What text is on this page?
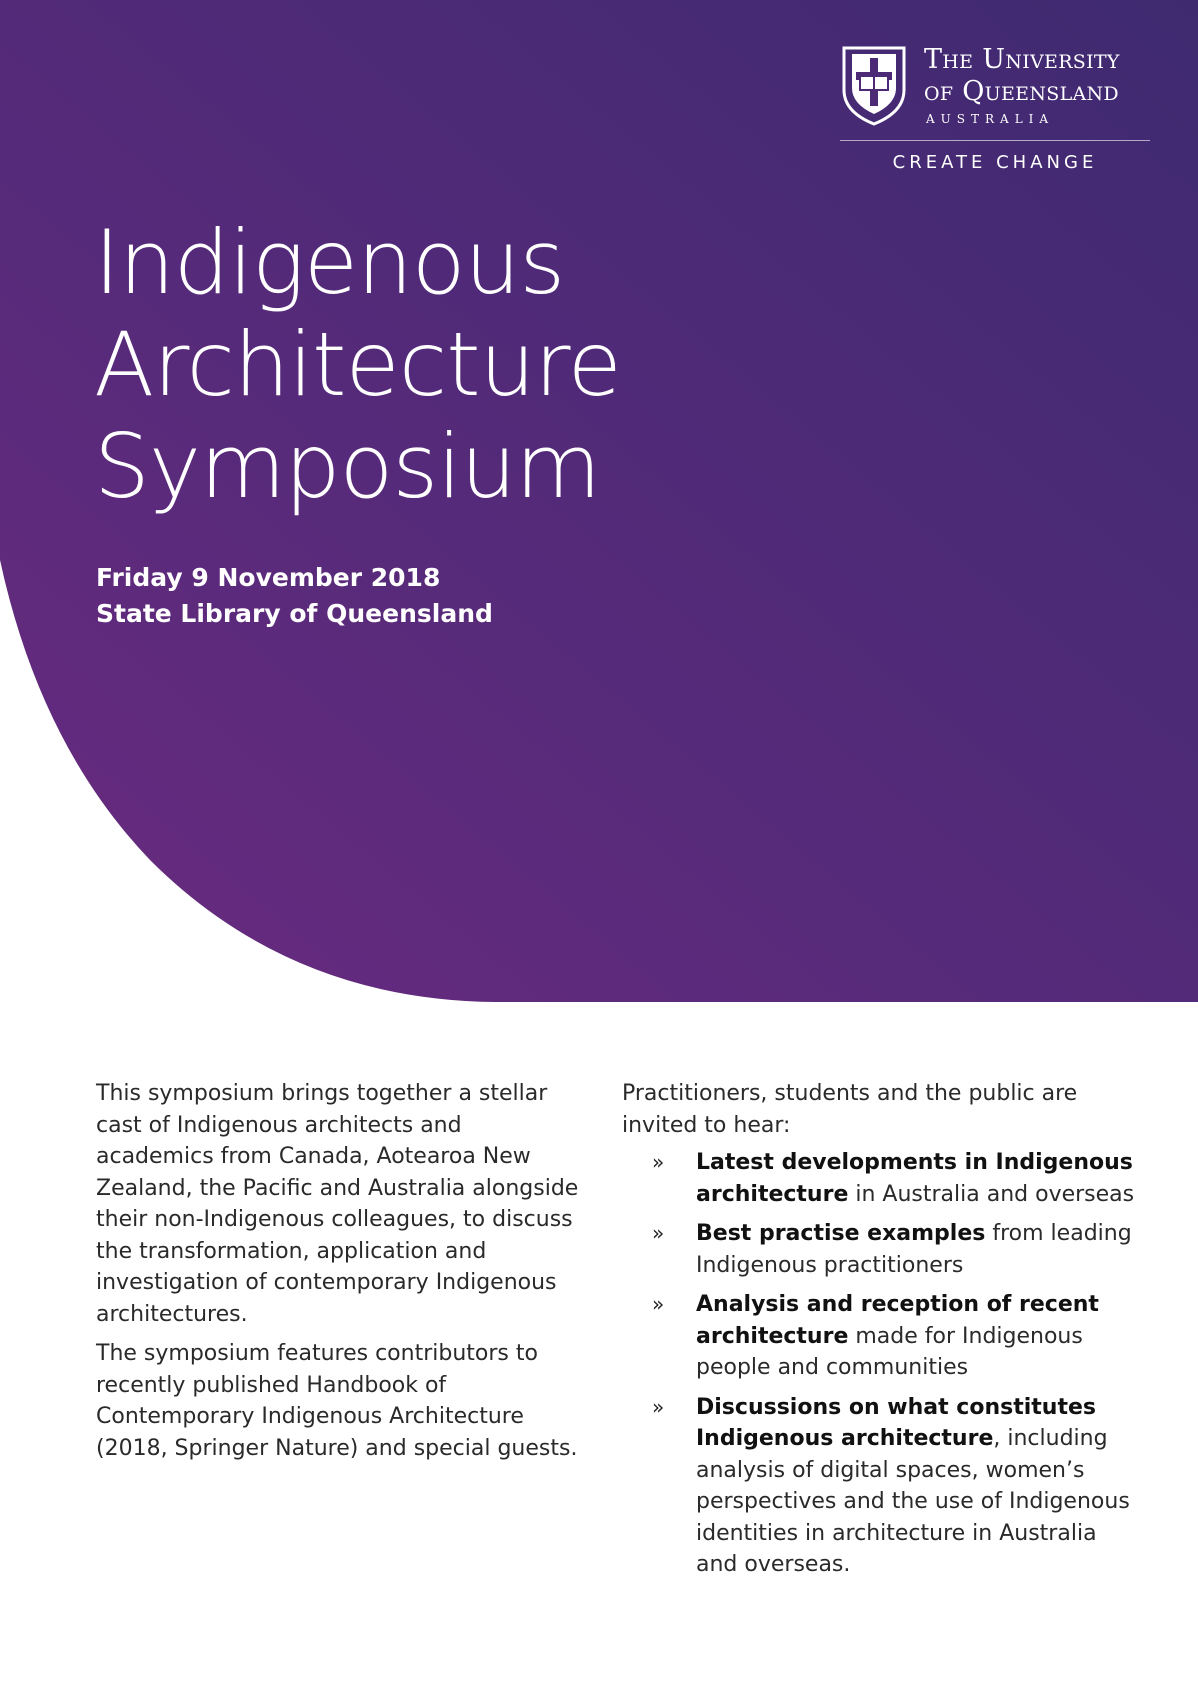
The University
of Queensland
AUSTRALIA
CREATE CHANGE
Indigenous
Architecture
Symposium
Friday 9 November 2018
State Library of Queensland

This symposium brings together a stellar cast of Indigenous architects and academics from Canada, Aotearoa New Zealand, the Pacific and Australia alongside their non-Indigenous colleagues, to discuss the transformation, application and investigation of contemporary Indigenous architectures.

The symposium features contributors to recently published Handbook of Contemporary Indigenous Architecture (2018, Springer Nature) and special guests.

Practitioners, students and the public are invited to hear:

» Latest developments in Indigenous architecture in Australia and overseas
» Best practise examples from leading Indigenous practitioners
» Analysis and reception of recent architecture made for Indigenous people and communities
» Discussions on what constitutes Indigenous architecture, including analysis of digital spaces, women’s perspectives and the use of Indigenous identities in architecture in Australia and overseas.
